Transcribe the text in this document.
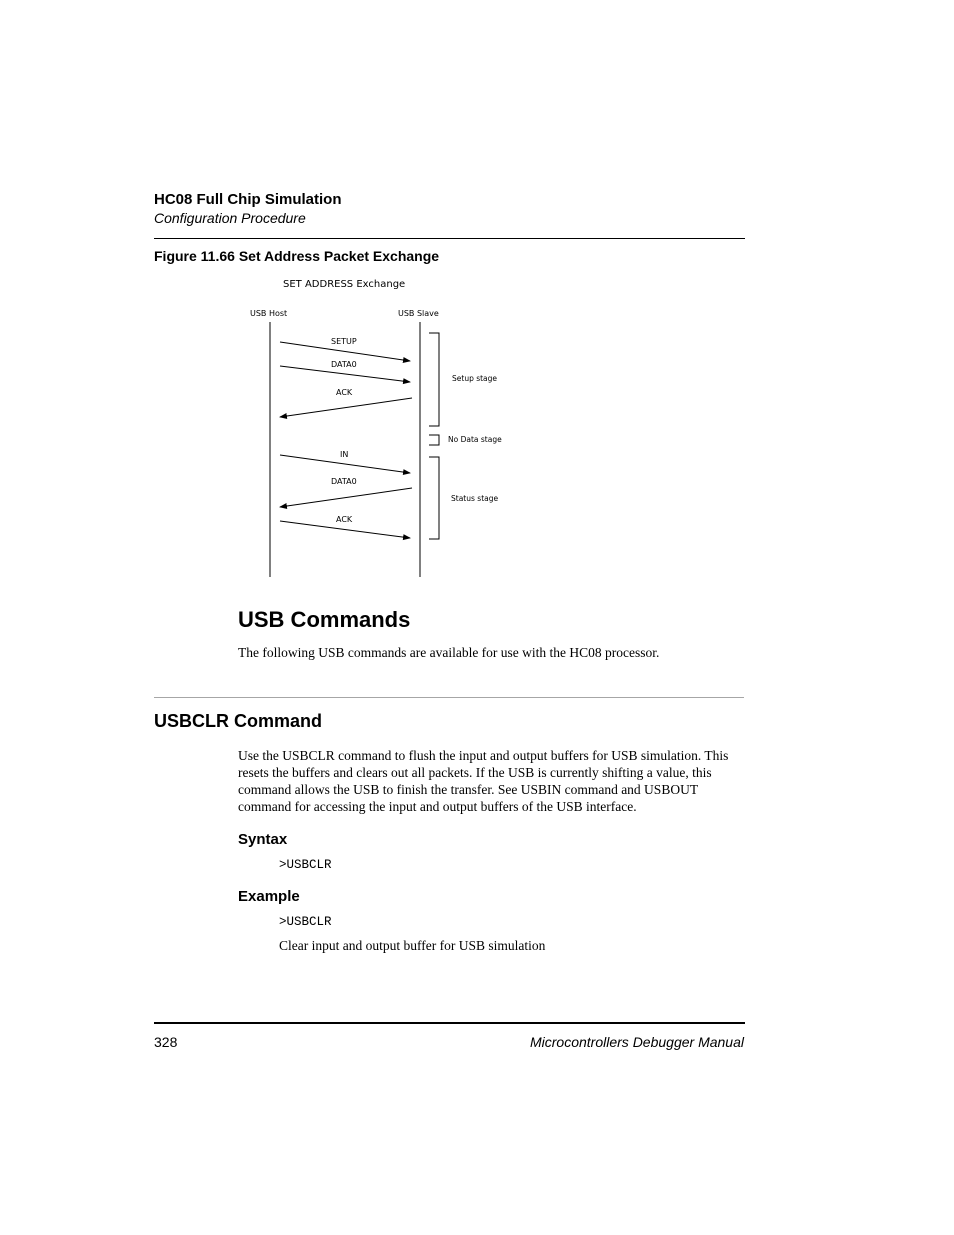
HC08 Full Chip Simulation
Configuration Procedure
Figure 11.66 Set Address Packet Exchange
SET ADDRESS Exchange
USB Host	USB Slave
SETUP
DATA0
ACK
IN
DATA0
ACK
Setup stage
No Data stage
Status stage
USB Commands
The following USB commands are available for use with the HC08 processor.
USBCLR Command
Use the USBCLR command to flush the input and output buffers for USB simulation. This
resets the buffers and clears out all packets. If the USB is currently shifting a value, this
command allows the USB to finish the transfer. See USBIN command and USBOUT
command for accessing the input and output buffers of the USB interface.
Syntax
>USBCLR
Example
>USBCLR
Clear input and output buffer for USB simulation
328	Microcontrollers Debugger Manual
